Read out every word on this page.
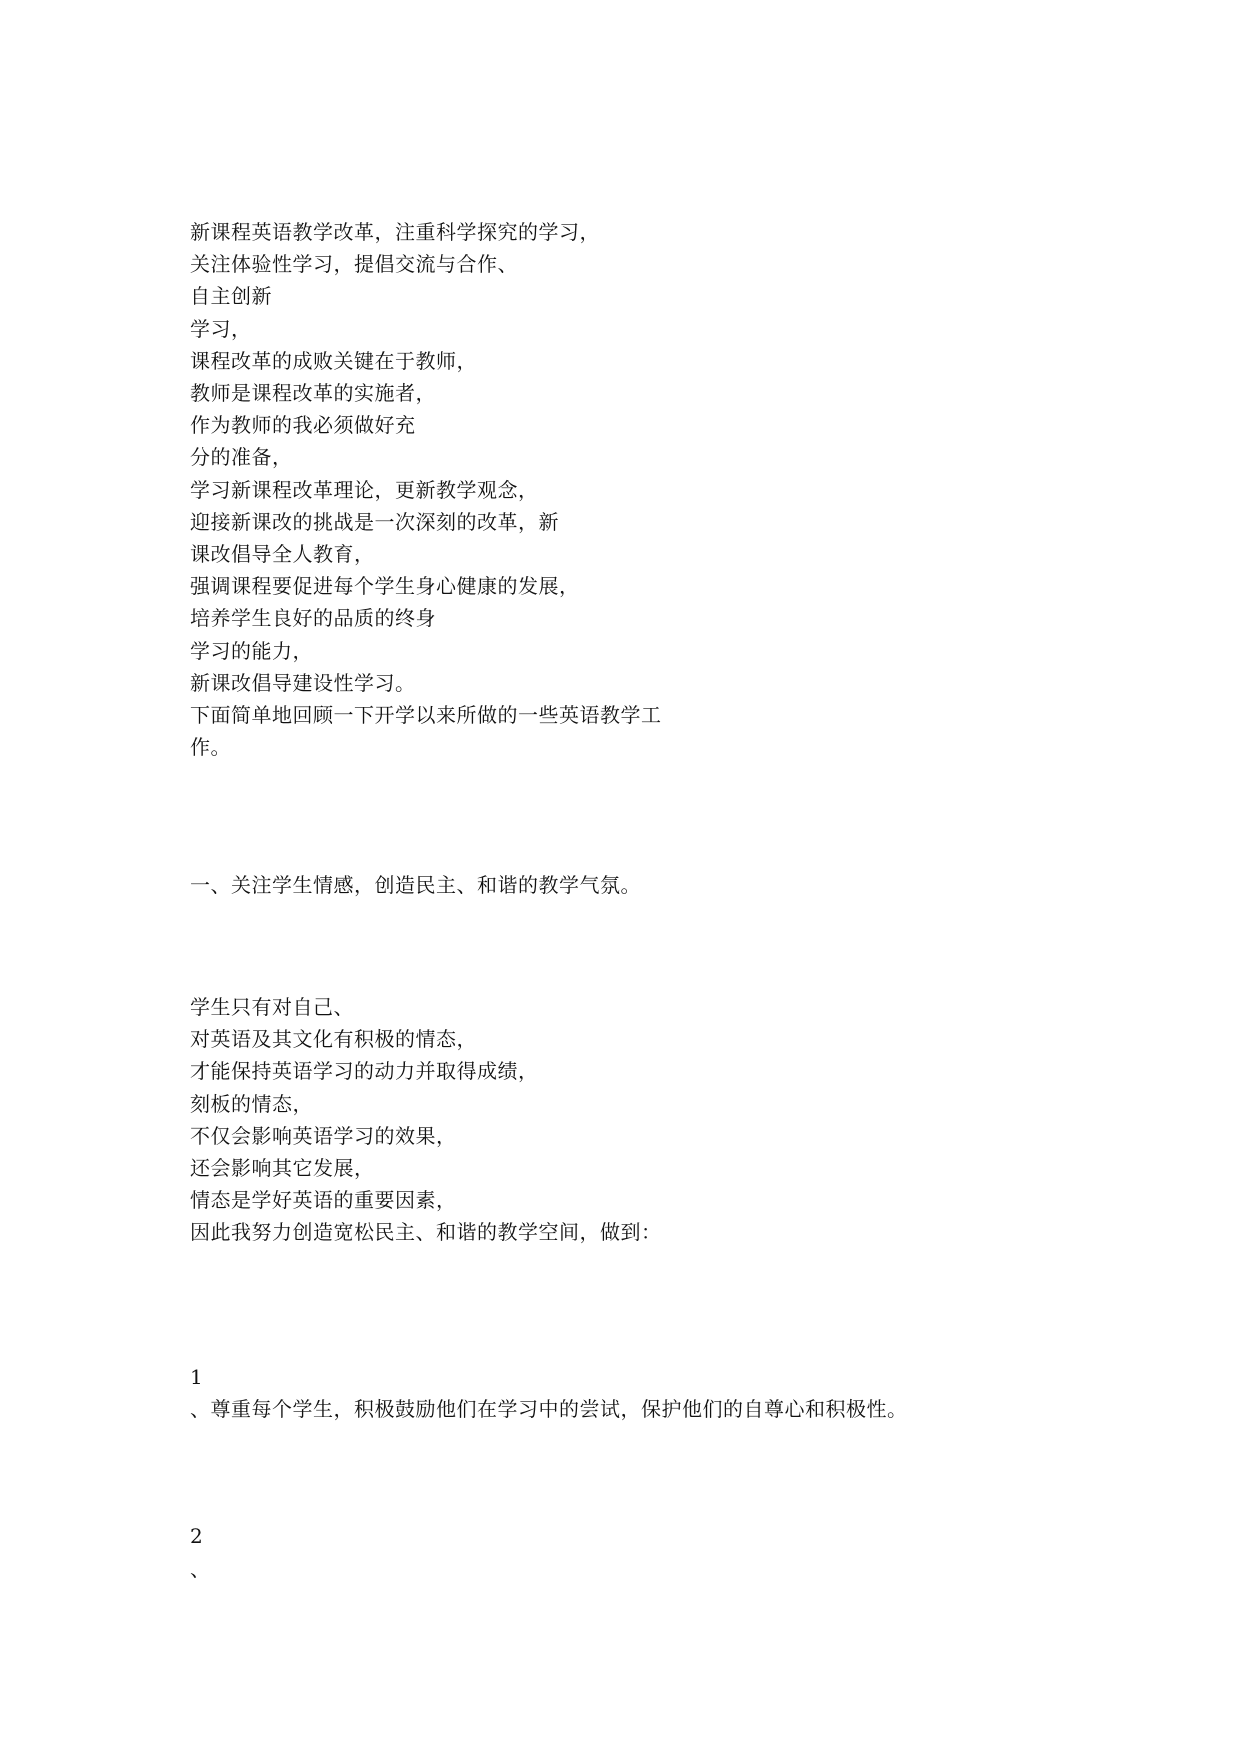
新课程英语教学改革，注重科学探究的学习，
关注体验性学习，提倡交流与合作、
自主创新
学习，
课程改革的成败关键在于教师，
教师是课程改革的实施者，
作为教师的我必须做好充
分的准备，
学习新课程改革理论，更新教学观念，
迎接新课改的挑战是一次深刻的改革，新
课改倡导全人教育，
强调课程要促进每个学生身心健康的发展，
培养学生良好的品质的终身
学习的能力，
新课改倡导建设性学习。
下面简单地回顾一下开学以来所做的一些英语教学工
作。
一、关注学生情感，创造民主、和谐的教学气氛。
学生只有对自己、
对英语及其文化有积极的情态，
才能保持英语学习的动力并取得成绩，
刻板的情态，
不仅会影响英语学习的效果，
还会影响其它发展，
情态是学好英语的重要因素，
因此我努力创造宽松民主、和谐的教学空间，做到：
1
、尊重每个学生，积极鼓励他们在学习中的尝试，保护他们的自尊心和积极性。
2
、
